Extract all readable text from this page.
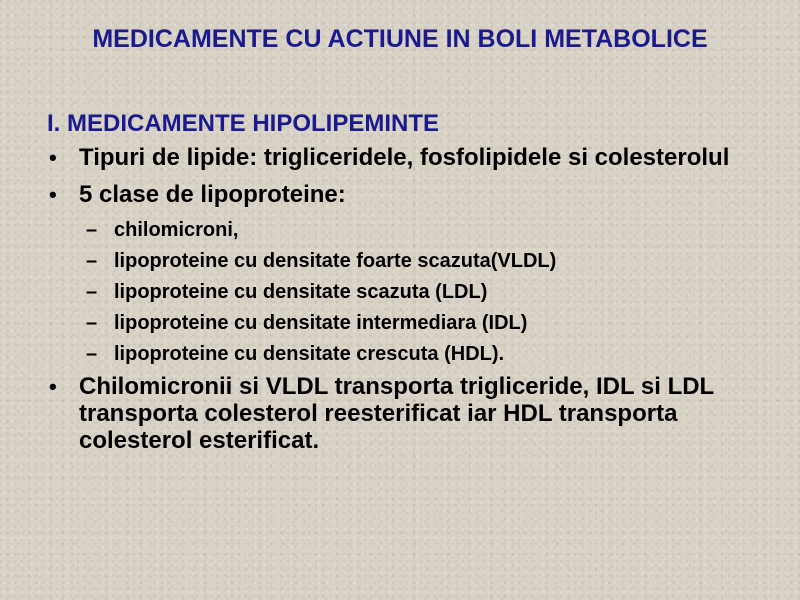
MEDICAMENTE CU ACTIUNE IN BOLI METABOLICE
I. MEDICAMENTE HIPOLIPEMINTE
• Tipuri de lipide: trigliceridele, fosfolipidele si colesterolul
• 5 clase de lipoproteine:
– chilomicroni,
– lipoproteine cu densitate foarte scazuta(VLDL)
– lipoproteine cu densitate scazuta (LDL)
– lipoproteine cu densitate intermediara (IDL)
– lipoproteine cu densitate crescuta (HDL).
• Chilomicronii si VLDL transporta trigliceride, IDL si LDL transporta colesterol reesterificat iar HDL transporta colesterol esterificat.
